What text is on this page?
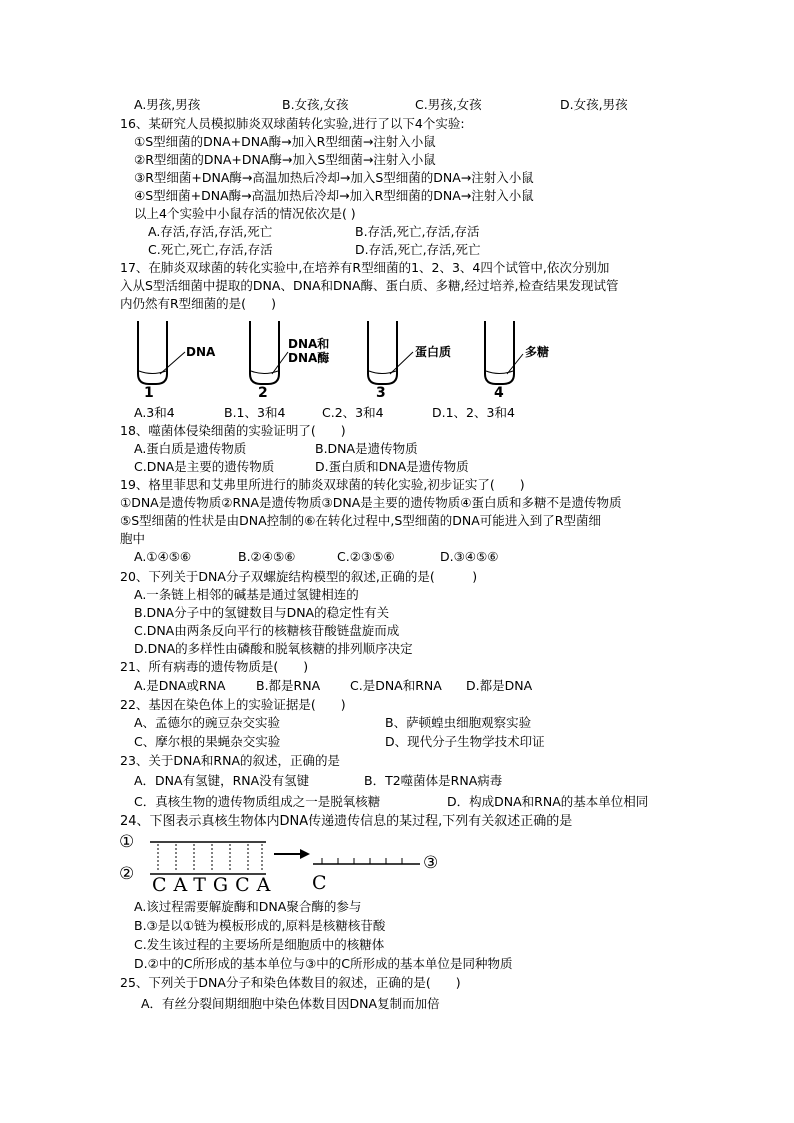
A.男孩,男孩	B.女孩,女孩	C.男孩,女孩	D.女孩,男孩
16、某研究人员模拟肺炎双球菌转化实验,进行了以下4个实验:
①S型细菌的DNA+DNA酶→加入R型细菌→注射入小鼠
②R型细菌的DNA+DNA酶→加入S型细菌→注射入小鼠
③R型细菌+DNA酶→高温加热后冷却→加入S型细菌的DNA→注射入小鼠
④S型细菌+DNA酶→高温加热后冷却→加入R型细菌的DNA→注射入小鼠
以上4个实验中小鼠存活的情况依次是( )
A.存活,存活,存活,死亡	B.存活,死亡,存活,存活
C.死亡,死亡,存活,存活	D.存活,死亡,存活,死亡
17、在肺炎双球菌的转化实验中,在培养有R型细菌的1、2、3、4四个试管中,依次分别加
入从S型活细菌中提取的DNA、DNA和DNA酶、蛋白质、多糖,经过培养,检查结果发现试管
内仍然有R型细菌的是(　　)
DNA
DNA和
DNA酶	蛋白质	多糖
1	2	3	4
A.3和4	B.1、3和4	C.2、3和4	D.1、2、3和4
18、噬菌体侵染细菌的实验证明了(　　)
A.蛋白质是遗传物质	B.DNA是遗传物质
C.DNA是主要的遗传物质	D.蛋白质和DNA是遗传物质
19、格里菲思和艾弗里所进行的肺炎双球菌的转化实验,初步证实了(　　)
①DNA是遗传物质②RNA是遗传物质③DNA是主要的遗传物质④蛋白质和多糖不是遗传物质
⑤S型细菌的性状是由DNA控制的⑥在转化过程中,S型细菌的DNA可能进入到了R型菌细
胞中
A.①④⑤⑥	B.②④⑤⑥	C.②③⑤⑥	D.③④⑤⑥
20、下列关于DNA分子双螺旋结构模型的叙述,正确的是(　　　)
A.一条链上相邻的碱基是通过氢键相连的
B.DNA分子中的氢键数目与DNA的稳定性有关
C.DNA由两条反向平行的核糖核苷酸链盘旋而成
D.DNA的多样性由磷酸和脱氧核糖的排列顺序决定
21、所有病毒的遗传物质是(　　)
A.是DNA或RNA B.都是RNA C.是DNA和RNA D.都是DNA
22、基因在染色体上的实验证据是(　　)
A、孟德尔的豌豆杂交实验	B、萨顿蝗虫细胞观察实验
C、摩尔根的果蝇杂交实验	D、现代分子生物学技术印证
23、关于DNA和RNA的叙述，正确的是
A．DNA有氢键，RNA没有氢键	B．T2噬菌体是RNA病毒
C．真核生物的遗传物质组成之一是脱氧核糖	D．构成DNA和RNA的基本单位相同
24、下图表示真核生物体内DNA传递遗传信息的某过程,下列有关叙述正确的是
①
②
③
CATGCA C
A.该过程需要解旋酶和DNA聚合酶的参与
B.③是以①链为模板形成的,原料是核糖核苷酸
C.发生该过程的主要场所是细胞质中的核糖体
D.②中的C所形成的基本单位与③中的C所形成的基本单位是同种物质
25、下列关于DNA分子和染色体数目的叙述，正确的是(　　)
A．有丝分裂间期细胞中染色体数目因DNA复制而加倍
